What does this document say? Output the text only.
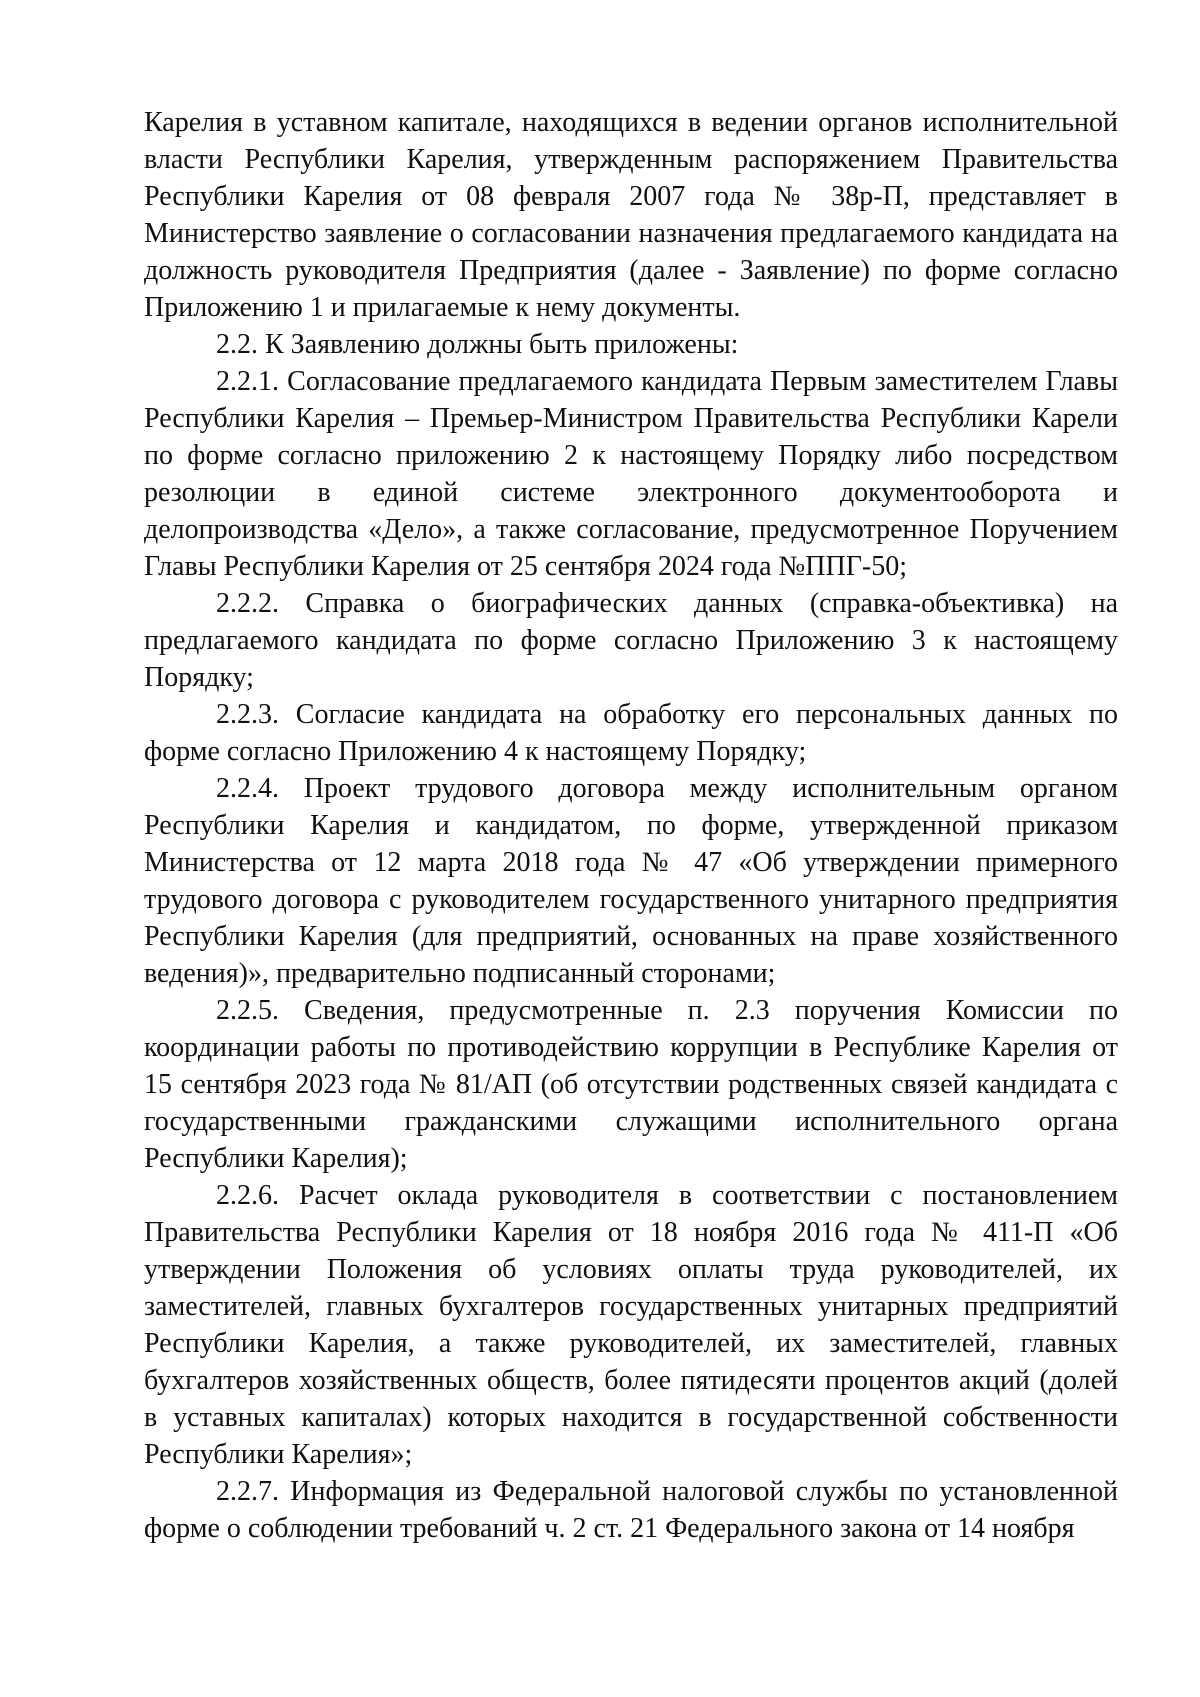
Карелия в уставном капитале, находящихся в ведении органов исполнительной власти Республики Карелия, утвержденным распоряжением Правительства Республики Карелия от 08 февраля 2007 года № 38р-П, представляет в Министерство заявление о согласовании назначения предлагаемого кандидата на должность руководителя Предприятия (далее - Заявление) по форме согласно Приложению 1 и прилагаемые к нему документы.

2.2. К Заявлению должны быть приложены:

2.2.1. Согласование предлагаемого кандидата Первым заместителем Главы Республики Карелия – Премьер-Министром Правительства Республики Карели по форме согласно приложению 2 к настоящему Порядку либо посредством резолюции в единой системе электронного документооборота и делопроизводства «Дело», а также согласование, предусмотренное Поручением Главы Республики Карелия от 25 сентября 2024 года №ППГ-50;

2.2.2. Справка о биографических данных (справка-объективка) на предлагаемого кандидата по форме согласно Приложению 3 к настоящему Порядку;

2.2.3. Согласие кандидата на обработку его персональных данных по форме согласно Приложению 4 к настоящему Порядку;

2.2.4. Проект трудового договора между исполнительным органом Республики Карелия и кандидатом, по форме, утвержденной приказом Министерства от 12 марта 2018 года № 47 «Об утверждении примерного трудового договора с руководителем государственного унитарного предприятия Республики Карелия (для предприятий, основанных на праве хозяйственного ведения)», предварительно подписанный сторонами;

2.2.5. Сведения, предусмотренные п. 2.3 поручения Комиссии по координации работы по противодействию коррупции в Республике Карелия от 15 сентября 2023 года № 81/АП (об отсутствии родственных связей кандидата с государственными гражданскими служащими исполнительного органа Республики Карелия);

2.2.6. Расчет оклада руководителя в соответствии с постановлением Правительства Республики Карелия от 18 ноября 2016 года № 411-П «Об утверждении Положения об условиях оплаты труда руководителей, их заместителей, главных бухгалтеров государственных унитарных предприятий Республики Карелия, а также руководителей, их заместителей, главных бухгалтеров хозяйственных обществ, более пятидесяти процентов акций (долей в уставных капиталах) которых находится в государственной собственности Республики Карелия»;

2.2.7. Информация из Федеральной налоговой службы по установленной форме о соблюдении требований ч. 2 ст. 21 Федерального закона от 14 ноября
